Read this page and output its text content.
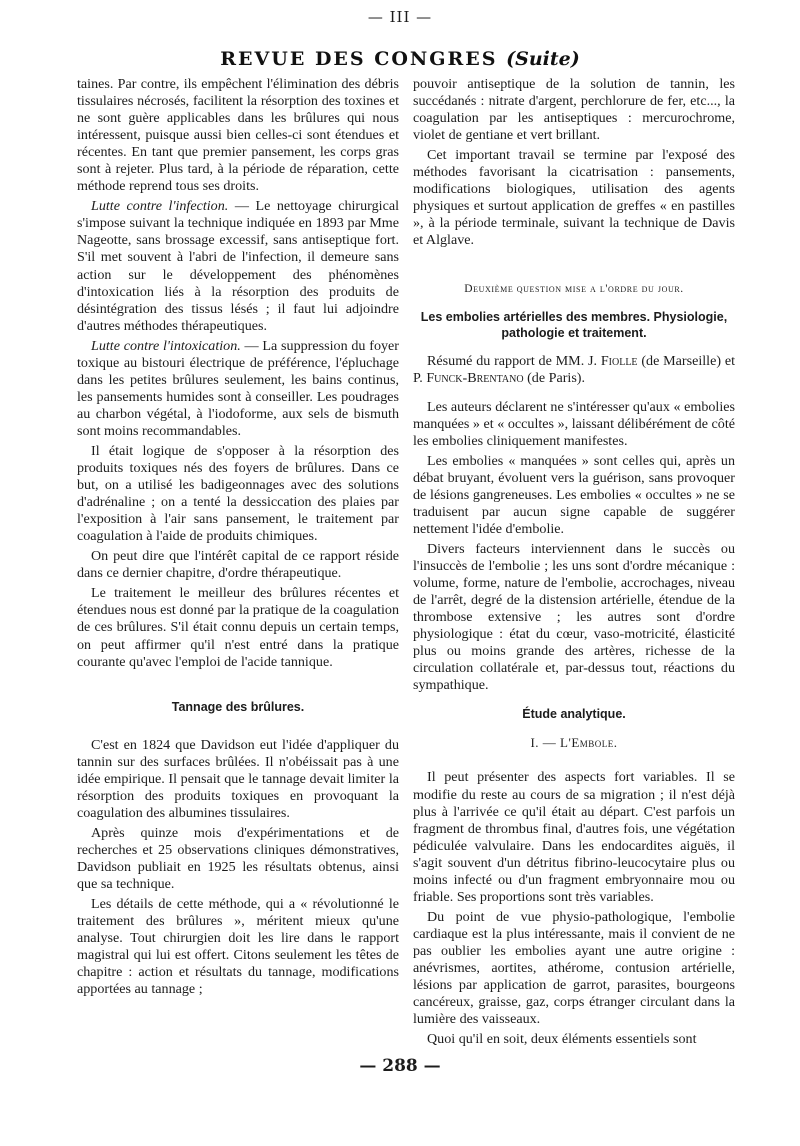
— III —
REVUE DES CONGRES (Suite)

taines. Par contre, ils empêchent l'élimination des débris tissulaires nécrosés, facilitent la résorption des toxines et ne sont guère applicables dans les brûlures qui nous intéressent, puisque aussi bien celles-ci sont étendues et récentes. En tant que premier pansement, les corps gras sont à rejeter. Plus tard, à la période de réparation, cette méthode reprend tous ses droits.

Lutte contre l'infection. — Le nettoyage chirurgical s'impose suivant la technique indiquée en 1893 par Mme Nageotte, sans brossage excessif, sans antiseptique fort. S'il met souvent à l'abri de l'infection, il demeure sans action sur le développement des phénomènes d'intoxication liés à la résorption des produits de désintégration des tissus lésés ; il faut lui adjoindre d'autres méthodes thérapeutiques.

Lutte contre l'intoxication. — La suppression du foyer toxique au bistouri électrique de préférence, l'épluchage dans les petites brûlures seulement, les bains continus, les pansements humides sont à conseiller. Les poudrages au charbon végétal, à l'iodoforme, aux sels de bismuth sont moins recommandables.

Il était logique de s'opposer à la résorption des produits toxiques nés des foyers de brûlures. Dans ce but, on a utilisé les badigeonnages avec des solutions d'adrénaline ; on a tenté la dessiccation des plaies par l'exposition à l'air sans pansement, le traitement par coagulation à l'aide de produits chimiques.

On peut dire que l'intérêt capital de ce rapport réside dans ce dernier chapitre, d'ordre thérapeutique.

Le traitement le meilleur des brûlures récentes et étendues nous est donné par la pratique de la coagulation de ces brûlures. S'il était connu depuis un certain temps, on peut affirmer qu'il n'est entré dans la pratique courante qu'avec l'emploi de l'acide tannique.

Tannage des brûlures.

C'est en 1824 que Davidson eut l'idée d'appliquer du tannin sur des surfaces brûlées. Il n'obéissait pas à une idée empirique. Il pensait que le tannage devait limiter la résorption des produits toxiques en provoquant la coagulation des albumines tissulaires.

Après quinze mois d'expérimentations et de recherches et 25 observations cliniques démonstratives, Davidson publiait en 1925 les résultats obtenus, ainsi que sa technique.

Les détails de cette méthode, qui a « révolutionné le traitement des brûlures », méritent mieux qu'une analyse. Tout chirurgien doit les lire dans le rapport magistral qui lui est offert. Citons seulement les têtes de chapitre : action et résultats du tannage, modifications apportées au tannage ;

pouvoir antiseptique de la solution de tannin, les succédanés : nitrate d'argent, perchlorure de fer, etc..., la coagulation par les antiseptiques : mercurochrome, violet de gentiane et vert brillant.

Cet important travail se termine par l'exposé des méthodes favorisant la cicatrisation : pansements, modifications biologiques, utilisation des agents physiques et surtout application de greffes « en pastilles », à la période terminale, suivant la technique de Davis et Alglave.

Deuxième question mise a l'ordre du jour.
Les embolies artérielles des membres. Physiologie, pathologie et traitement.

Résumé du rapport de MM. J. Fiolle (de Marseille) et P. Funck-Brentano (de Paris).

Les auteurs déclarent ne s'intéresser qu'aux « embolies manquées » et « occultes », laissant délibérément de côté les embolies cliniquement manifestes.

Les embolies « manquées » sont celles qui, après un débat bruyant, évoluent vers la guérison, sans provoquer de lésions gangreneuses. Les embolies « occultes » ne se traduisent par aucun signe capable de suggérer nettement l'idée d'embolie.

Divers facteurs interviennent dans le succès ou l'insuccès de l'embolie ; les uns sont d'ordre mécanique : volume, forme, nature de l'embolie, accrochages, niveau de l'arrêt, degré de la distension artérielle, étendue de la thrombose extensive ; les autres sont d'ordre physiologique : état du cœur, vaso-motricité, élasticité plus ou moins grande des artères, richesse de la circulation collatérale et, par-dessus tout, réactions du sympathique.

Étude analytique.
I. — L'Embole.

Il peut présenter des aspects fort variables. Il se modifie du reste au cours de sa migration ; il n'est déjà plus à l'arrivée ce qu'il était au départ. C'est parfois un fragment de thrombus final, d'autres fois, une végétation pédiculée valvulaire. Dans les endocardites aiguës, il s'agit souvent d'un détritus fibrino-leucocytaire plus ou moins infecté ou d'un fragment embryonnaire mou ou friable. Ses proportions sont très variables.

Du point de vue physio-pathologique, l'embolie cardiaque est la plus intéressante, mais il convient de ne pas oublier les embolies ayant une autre origine : anévrismes, aortites, athérome, contusion artérielle, lésions par application de garrot, parasites, bourgeons cancéreux, graisse, gaz, corps étranger circulant dans la lumière des vaisseaux.

Quoi qu'il en soit, deux éléments essentiels sont

— 288 —
